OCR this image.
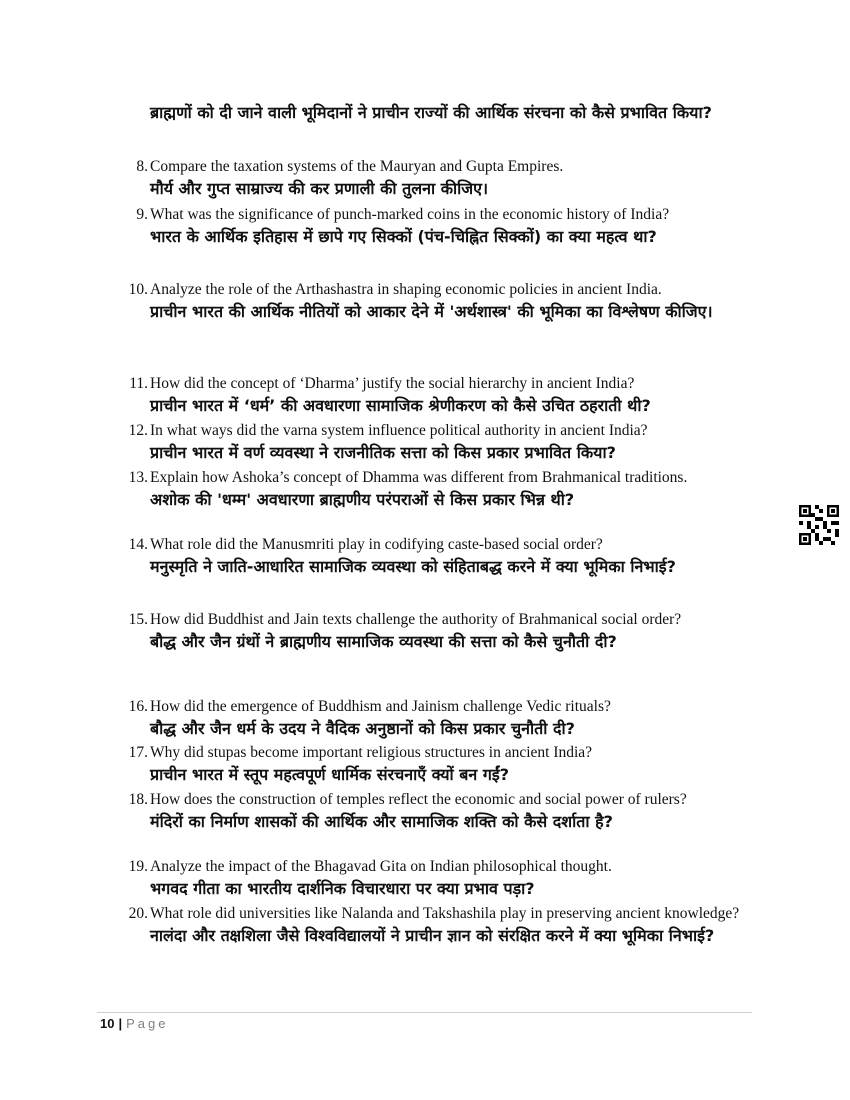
ब्राह्मणों को दी जाने वाली भूमिदानों ने प्राचीन राज्यों की आर्थिक संरचना को कैसे प्रभावित किया?
8. Compare the taxation systems of the Mauryan and Gupta Empires.
मौर्य और गुप्त साम्राज्य की कर प्रणाली की तुलना कीजिए।
9. What was the significance of punch-marked coins in the economic history of India?
भारत के आर्थिक इतिहास में छापे गए सिक्कों (पंच-चिह्नित सिक्कों) का क्या महत्व था?
10. Analyze the role of the Arthashastra in shaping economic policies in ancient India.
प्राचीन भारत की आर्थिक नीतियों को आकार देने में 'अर्थशास्त्र' की भूमिका का विश्लेषण कीजिए।
11. How did the concept of ‘Dharma’ justify the social hierarchy in ancient India?
प्राचीन भारत में ‘धर्म’ की अवधारणा सामाजिक श्रेणीकरण को कैसे उचित ठहराती थी?
12. In what ways did the varna system influence political authority in ancient India?
प्राचीन भारत में वर्ण व्यवस्था ने राजनीतिक सत्ता को किस प्रकार प्रभावित किया?
13. Explain how Ashoka’s concept of Dhamma was different from Brahmanical traditions.
अशोक की 'धम्म' अवधारणा ब्राह्मणीय परंपराओं से किस प्रकार भिन्न थी?
14. What role did the Manusmriti play in codifying caste-based social order?
मनुस्मृति ने जाति-आधारित सामाजिक व्यवस्था को संहिताबद्ध करने में क्या भूमिका निभाई?
15. How did Buddhist and Jain texts challenge the authority of Brahmanical social order?
बौद्ध और जैन ग्रंथों ने ब्राह्मणीय सामाजिक व्यवस्था की सत्ता को कैसे चुनौती दी?
16. How did the emergence of Buddhism and Jainism challenge Vedic rituals?
बौद्ध और जैन धर्म के उदय ने वैदिक अनुष्ठानों को किस प्रकार चुनौती दी?
17. Why did stupas become important religious structures in ancient India?
प्राचीन भारत में स्तूप महत्वपूर्ण धार्मिक संरचनाएँ क्यों बन गईं?
18. How does the construction of temples reflect the economic and social power of rulers?
मंदिरों का निर्माण शासकों की आर्थिक और सामाजिक शक्ति को कैसे दर्शाता है?
19. Analyze the impact of the Bhagavad Gita on Indian philosophical thought.
भगवद गीता का भारतीय दार्शनिक विचारधारा पर क्या प्रभाव पड़ा?
20. What role did universities like Nalanda and Takshashila play in preserving ancient knowledge?
नालंदा और तक्षशिला जैसे विश्वविद्यालयों ने प्राचीन ज्ञान को संरक्षित करने में क्या भूमिका निभाई?
10 | Page
